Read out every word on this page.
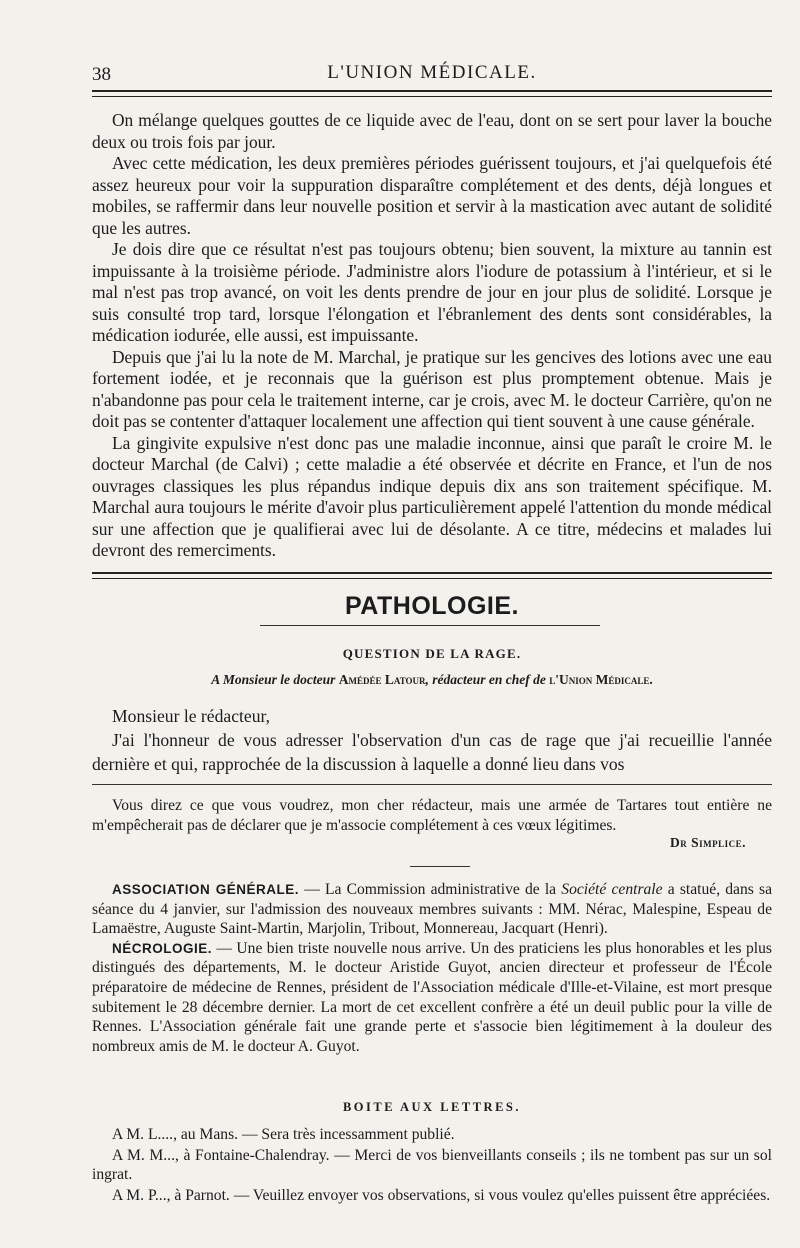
38	L'UNION MÉDICALE.

On mélange quelques gouttes de ce liquide avec de l'eau, dont on se sert pour laver la bouche deux ou trois fois par jour.

Avec cette médication, les deux premières périodes guérissent toujours, et j'ai quelquefois été assez heureux pour voir la suppuration disparaître complétement et des dents, déjà longues et mobiles, se raffermir dans leur nouvelle position et servir à la mastication avec autant de solidité que les autres.

Je dois dire que ce résultat n'est pas toujours obtenu; bien souvent, la mixture au tannin est impuissante à la troisième période. J'administre alors l'iodure de potassium à l'intérieur, et si le mal n'est pas trop avancé, on voit les dents prendre de jour en jour plus de solidité. Lorsque je suis consulté trop tard, lorsque l'élongation et l'ébranlement des dents sont considérables, la médication iodurée, elle aussi, est impuissante.

Depuis que j'ai lu la note de M. Marchal, je pratique sur les gencives des lotions avec une eau fortement iodée, et je reconnais que la guérison est plus promptement obtenue. Mais je n'abandonne pas pour cela le traitement interne, car je crois, avec M. le docteur Carrière, qu'on ne doit pas se contenter d'attaquer localement une affection qui tient souvent à une cause générale.

La gingivite expulsive n'est donc pas une maladie inconnue, ainsi que paraît le croire M. le docteur Marchal (de Calvi) ; cette maladie a été observée et décrite en France, et l'un de nos ouvrages classiques les plus répandus indique depuis dix ans son traitement spécifique. M. Marchal aura toujours le mérite d'avoir plus particulièrement appelé l'attention du monde médical sur une affection que je qualifierai avec lui de désolante. A ce titre, médecins et malades lui devront des remerciments.

PATHOLOGIE.
QUESTION DE LA RAGE.
A Monsieur le docteur Amédée Latour, rédacteur en chef de l'Union Médicale.

Monsieur le rédacteur,

J'ai l'honneur de vous adresser l'observation d'un cas de rage que j'ai recueillie l'année dernière et qui, rapprochée de la discussion à laquelle a donné lieu dans vos

Vous direz ce que vous voudrez, mon cher rédacteur, mais une armée de Tartares tout entière ne m'empêcherait pas de déclarer que je m'associe complétement à ces vœux légitimes.

Dr Simplice.

ASSOCIATION GÉNÉRALE. — La Commission administrative de la Société centrale a statué, dans sa séance du 4 janvier, sur l'admission des nouveaux membres suivants : MM. Nérac, Malespine, Espeau de Lamaëstre, Auguste Saint-Martin, Marjolin, Tribout, Monnereau, Jacquart (Henri).

NÉCROLOGIE. — Une bien triste nouvelle nous arrive. Un des praticiens les plus honorables et les plus distingués des départements, M. le docteur Aristide Guyot, ancien directeur et professeur de l'École préparatoire de médecine de Rennes, président de l'Association médicale d'Ille-et-Vilaine, est mort presque subitement le 28 décembre dernier. La mort de cet excellent confrère a été un deuil public pour la ville de Rennes. L'Association générale fait une grande perte et s'associe bien légitimement à la douleur des nombreux amis de M. le docteur A. Guyot.

BOITE AUX LETTRES.

A M. L...., au Mans. — Sera très incessamment publié.

A M. M..., à Fontaine-Chalendray. — Merci de vos bienveillants conseils ; ils ne tombent pas sur un sol ingrat.

A M. P..., à Parnot. — Veuillez envoyer vos observations, si vous voulez qu'elles puissent être appréciées.
